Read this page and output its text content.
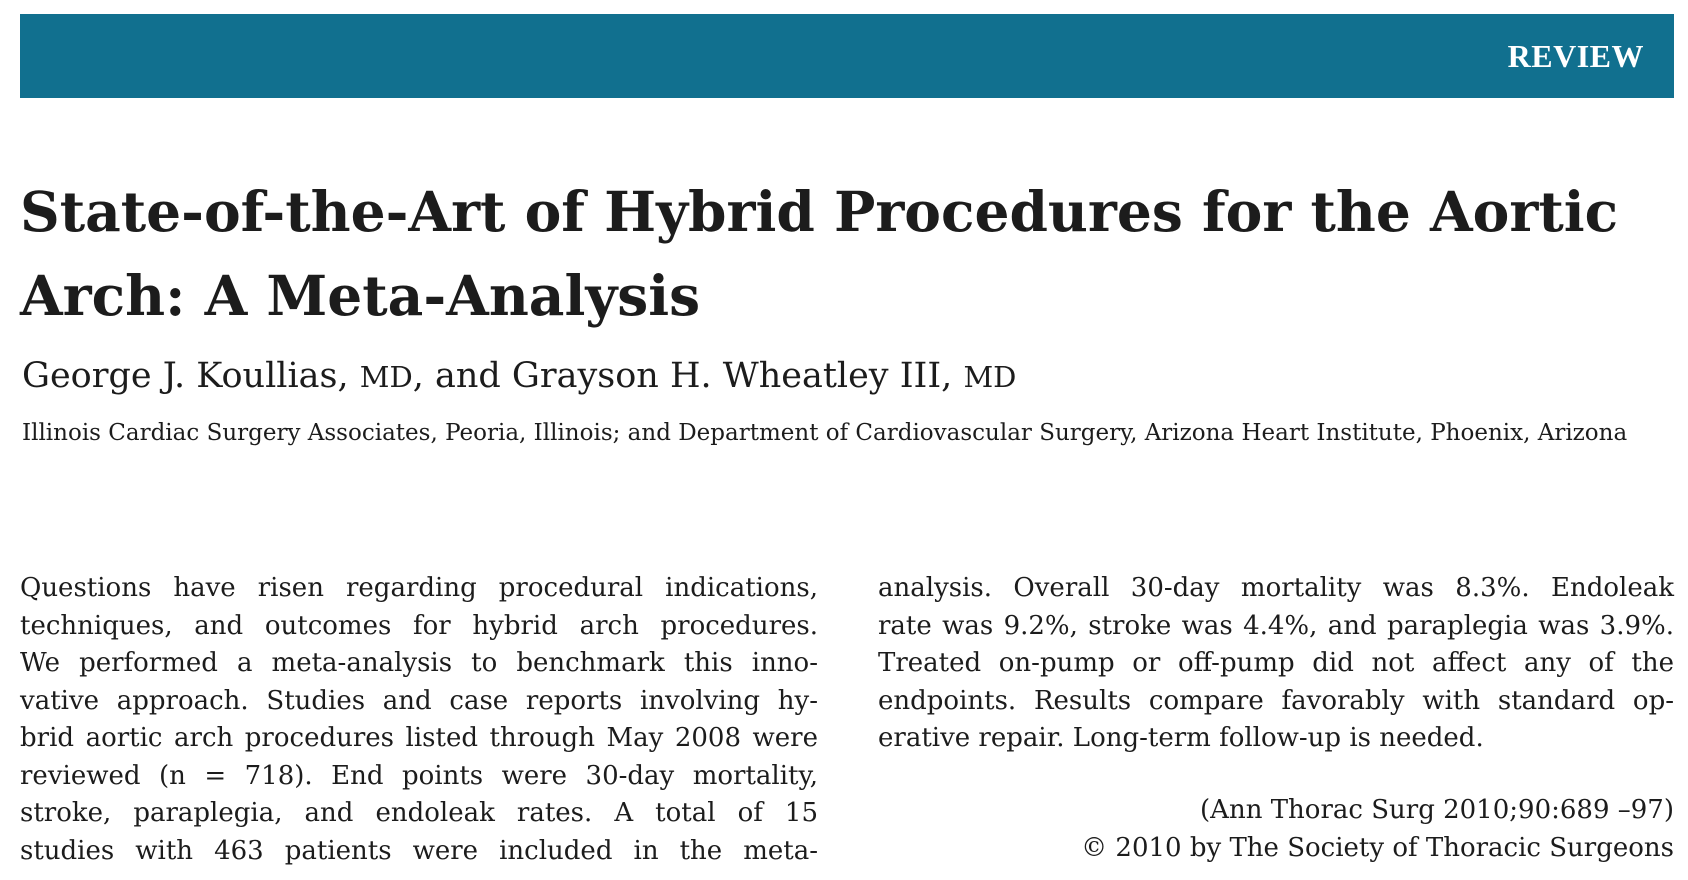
REVIEW
State-of-the-Art of Hybrid Procedures for the Aortic Arch: A Meta-Analysis
George J. Koullias, MD, and Grayson H. Wheatley III, MD
Illinois Cardiac Surgery Associates, Peoria, Illinois; and Department of Cardiovascular Surgery, Arizona Heart Institute, Phoenix, Arizona
Questions have risen regarding procedural indications,
techniques, and outcomes for hybrid arch procedures.
We performed a meta-analysis to benchmark this inno-
vative approach. Studies and case reports involving hy-
brid aortic arch procedures listed through May 2008 were
reviewed (n = 718). End points were 30-day mortality,
stroke, paraplegia, and endoleak rates. A total of 15
studies with 463 patients were included in the meta-
analysis. Overall 30-day mortality was 8.3%. Endoleak
rate was 9.2%, stroke was 4.4%, and paraplegia was 3.9%.
Treated on-pump or off-pump did not affect any of the
endpoints. Results compare favorably with standard op-
erative repair. Long-term follow-up is needed.
(Ann Thorac Surg 2010;90:689 –97)
© 2010 by The Society of Thoracic Surgeons
